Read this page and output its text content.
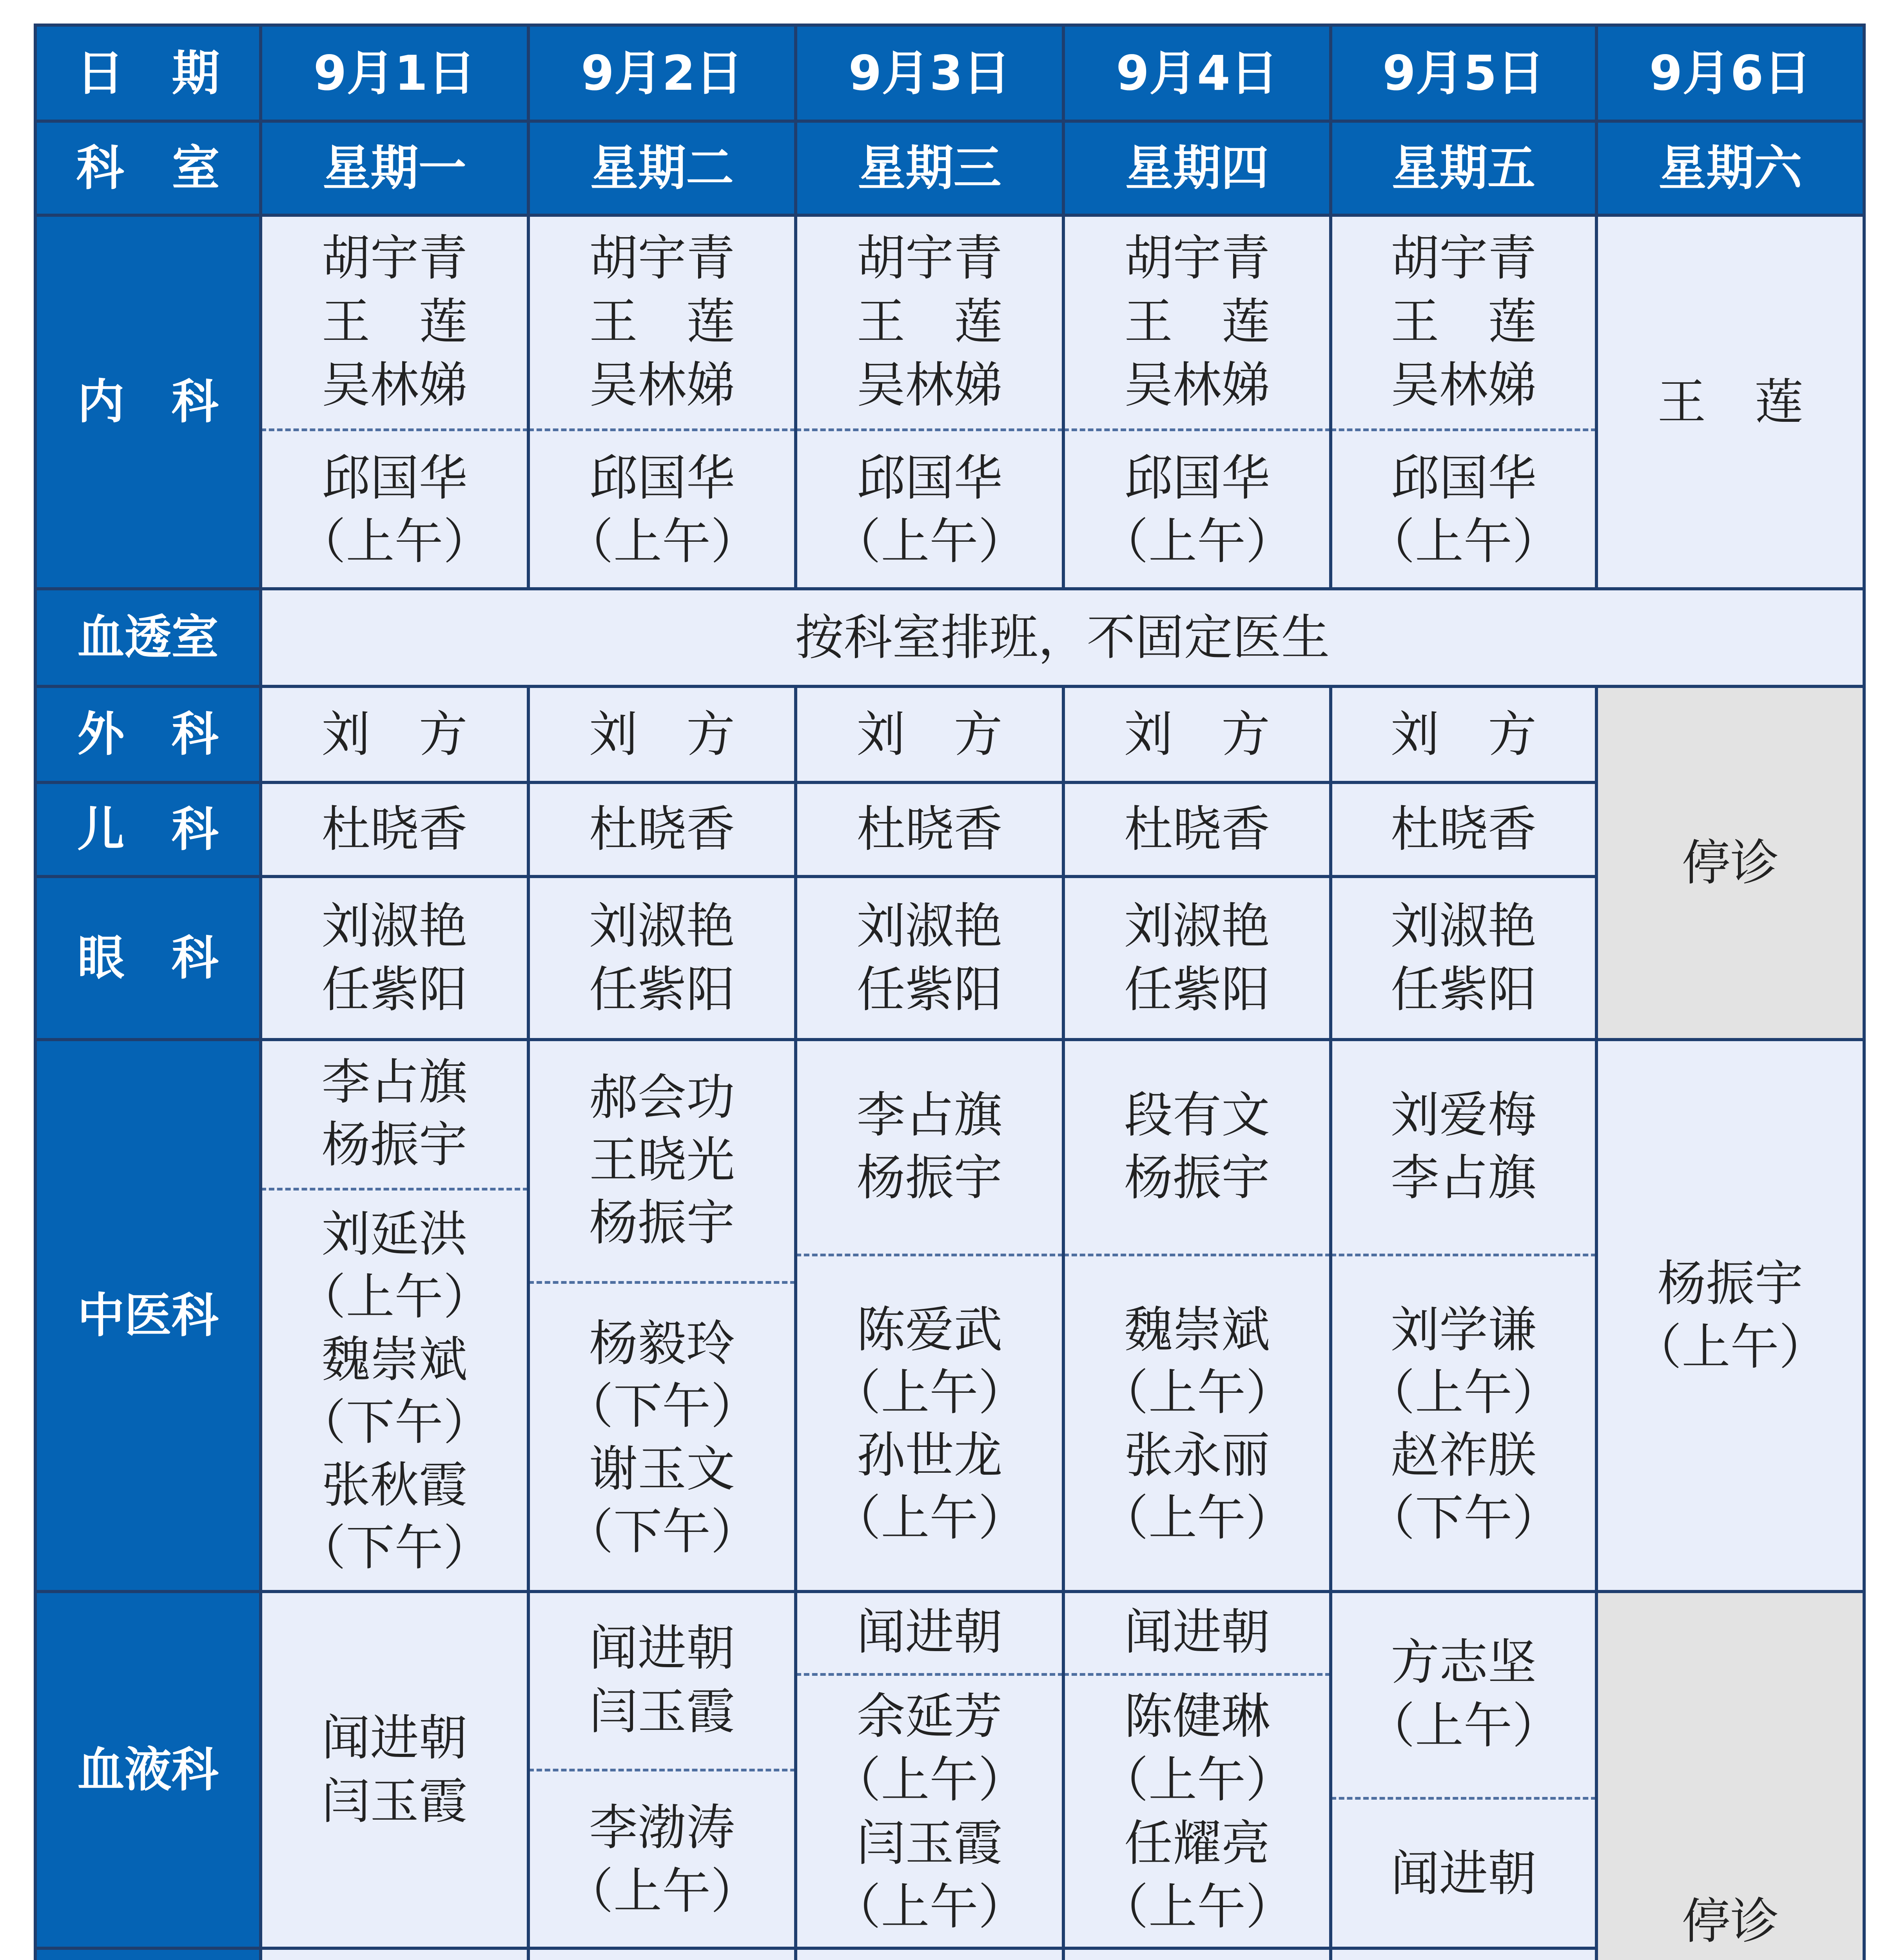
日　期
科　室
9月1日
星期一
9月2日
星期二
9月3日
星期三
9月4日
星期四
9月5日
星期五
9月6日
星期六
内　科
血透室
外　科
儿　科
眼　科
中医科
血液科
胡宇青
王　莲
吴林娣
邱国华
（上午）
胡宇青
王　莲
吴林娣
邱国华
（上午）
胡宇青
王　莲
吴林娣
邱国华
（上午）
胡宇青
王　莲
吴林娣
邱国华
（上午）
胡宇青
王　莲
吴林娣
邱国华
（上午）
王　莲
按科室排班，不固定医生
刘　方
杜晓香
刘淑艳
任紫阳
刘　方
杜晓香
刘淑艳
任紫阳
刘　方
杜晓香
刘淑艳
任紫阳
刘　方
杜晓香
刘淑艳
任紫阳
刘　方
杜晓香
刘淑艳
任紫阳
停诊
李占旗
杨振宇
刘延洪
（上午）
魏崇斌
（下午）
张秋霞
（下午）
郝会功
王晓光
杨振宇
杨毅玲
（下午）
谢玉文
（下午）
李占旗
杨振宇
陈爱武
（上午）
孙世龙
（上午）
段有文
杨振宇
魏崇斌
（上午）
张永丽
（上午）
刘爱梅
李占旗
刘学谦
（上午）
赵祚朕
（下午）
杨振宇
（上午）
闻进朝
闫玉霞
闻进朝
闫玉霞
李渤涛
（上午）
闻进朝
余延芳
（上午）
闫玉霞
（上午）
闻进朝
陈健琳
（上午）
任耀亮
（上午）
方志坚
（上午）
闻进朝
停诊
